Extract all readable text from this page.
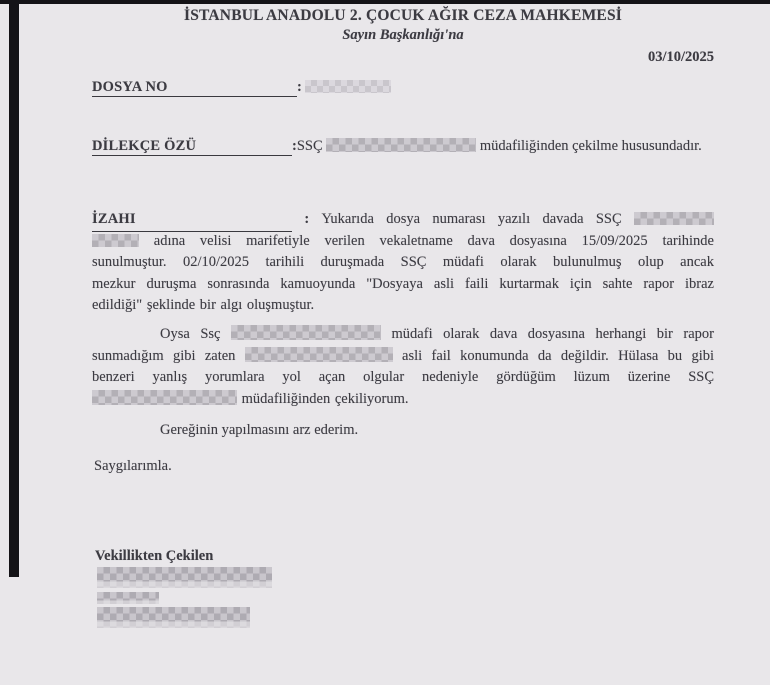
İSTANBUL ANADOLU 2. ÇOCUK AĞIR CEZA MAHKEMESİ
Sayın Başkanlığı'na
03/10/2025
DOSYA NO	:
DİLEKÇE ÖZÜ	:SSÇ	müdafiliğinden çekilme hususundadır.
İZAHI	: Yukarıda dosya numarası yazılı davada SSÇ
adına velisi marifetiyle verilen vekaletname dava dosyasına 15/09/2025 tarihinde
sunulmuştur. 02/10/2025 tarihili duruşmada SSÇ müdafi olarak bulunulmuş olup ancak
mezkur duruşma sonrasında kamuoyunda "Dosyaya asli faili kurtarmak için sahte rapor ibraz
edildiği" şeklinde bir algı oluşmuştur.
Oysa Ssç	müdafi olarak dava dosyasına herhangi bir rapor
sunmadığım gibi zaten	asli fail konumunda da değildir. Hülasa bu gibi
benzeri yanlış yorumlara yol açan olgular nedeniyle gördüğüm lüzum üzerine SSÇ
müdafiliğinden çekiliyorum.
Gereğinin yapılmasını arz ederim.
Saygılarımla.
Vekillikten Çekilen
